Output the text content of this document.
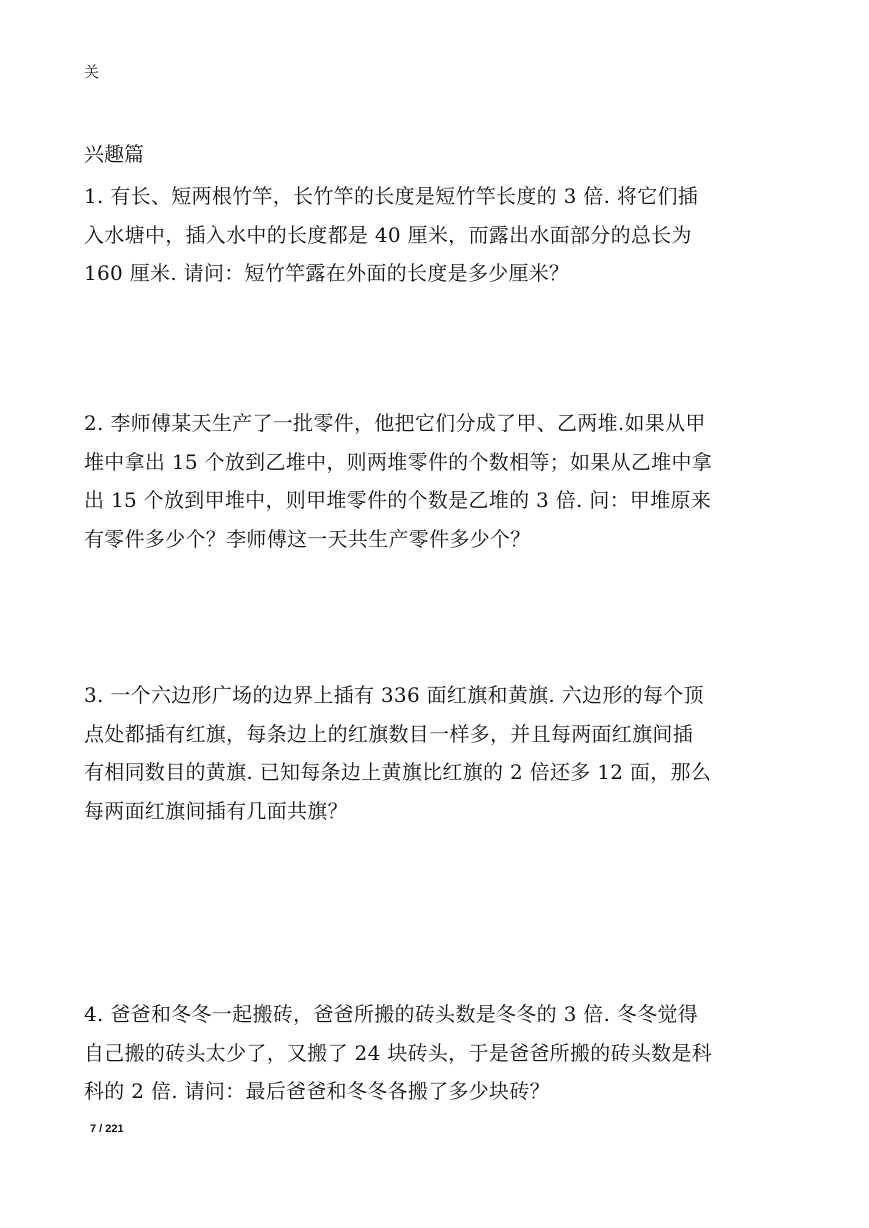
关
兴趣篇
1. 有长、短两根竹竿，长竹竿的长度是短竹竿长度的 3 倍. 将它们插
入水塘中，插入水中的长度都是 40 厘米，而露出水面部分的总长为
160 厘米. 请问：短竹竿露在外面的长度是多少厘米？
2. 李师傅某天生产了一批零件，他把它们分成了甲、乙两堆.如果从甲
堆中拿出 15 个放到乙堆中，则两堆零件的个数相等；如果从乙堆中拿
出 15 个放到甲堆中，则甲堆零件的个数是乙堆的 3 倍. 问：甲堆原来
有零件多少个？李师傅这一天共生产零件多少个？
3. 一个六边形广场的边界上插有 336 面红旗和黄旗. 六边形的每个顶
点处都插有红旗，每条边上的红旗数目一样多，并且每两面红旗间插
有相同数目的黄旗. 已知每条边上黄旗比红旗的 2 倍还多 12 面，那么
每两面红旗间插有几面共旗？
4. 爸爸和冬冬一起搬砖，爸爸所搬的砖头数是冬冬的 3 倍. 冬冬觉得
自己搬的砖头太少了，又搬了 24 块砖头，于是爸爸所搬的砖头数是科
科的 2 倍. 请问：最后爸爸和冬冬各搬了多少块砖？
7 / 221
